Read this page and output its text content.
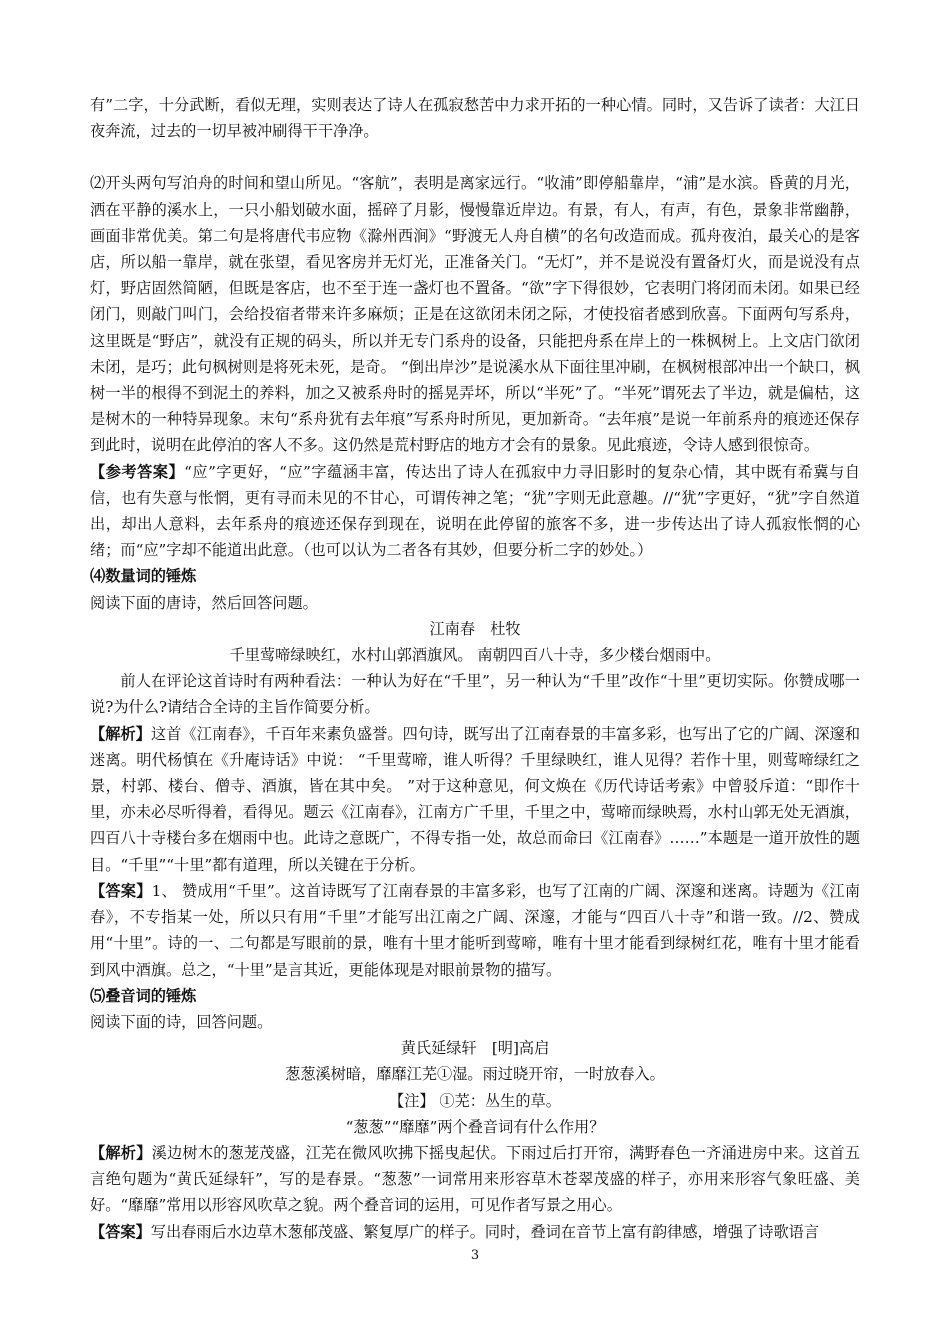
有”二字，十分武断，看似无理，实则表达了诗人在孤寂愁苦中力求开拓的一种心情。同时，又告诉了读者：大江日夜奔流，过去的一切早被冲刷得干干净净。

⑵开头两句写泊舟的时间和望山所见。“客航”，表明是离家远行。“收浦”即停船靠岸，“浦”是水滨。昏黄的月光，洒在平静的溪水上，一只小船划破水面，摇碎了月影，慢慢靠近岸边。有景，有人，有声，有色，景象非常幽静，画面非常优美。第二句是将唐代韦应物《滁州西涧》“野渡无人舟自横”的名句改造而成。孤舟夜泊，最关心的是客店，所以船一靠岸，就在张望，看见客房并无灯光，正准备关门。“无灯”，并不是说没有置备灯火，而是说没有点灯，野店固然简陋，但既是客店，也不至于连一盏灯也不置备。“欲”字下得很妙，它表明门将闭而未闭。如果已经闭门，则敲门叫门，会给投宿者带来许多麻烦；正是在这欲闭未闭之际，才使投宿者感到欣喜。下面两句写系舟，这里既是“野店”，就没有正规的码头，所以并无专门系舟的设备，只能把舟系在岸上的一株枫树上。上文店门欲闭未闭，是巧；此句枫树则是将死未死，是奇。 “倒出岸沙”是说溪水从下面往里冲刷，在枫树根部冲出一个缺口，枫树一半的根得不到泥土的养料，加之又被系舟时的摇晃弄坏，所以“半死”了。“半死”谓死去了半边，就是偏枯，这是树木的一种特异现象。末句“系舟犹有去年痕”写系舟时所见，更加新奇。“去年痕”是说一年前系舟的痕迹还保存到此时，说明在此停泊的客人不多。这仍然是荒村野店的地方才会有的景象。见此痕迹，令诗人感到很惊奇。

【参考答案】“应”字更好，“应”字蕴涵丰富，传达出了诗人在孤寂中力寻旧影时的复杂心情，其中既有希冀与自信，也有失意与怅惘，更有寻而未见的不甘心，可谓传神之笔；“犹”字则无此意趣。//“犹”字更好，“犹”字自然道出，却出人意料，去年系舟的痕迹还保存到现在，说明在此停留的旅客不多，进一步传达出了诗人孤寂怅惘的心绪；而“应”字却不能道出此意。（也可以认为二者各有其妙，但要分析二字的妙处。）

⑷数量词的锤炼

阅读下面的唐诗，然后回答问题。

江南春　杜牧

千里莺啼绿映红，水村山郭酒旗风。 南朝四百八十寺，多少楼台烟雨中。

前人在评论这首诗时有两种看法：一种认为好在“千里”，另一种认为“千里”改作“十里”更切实际。你赞成哪一说?为什么?请结合全诗的主旨作简要分析。

【解析】这首《江南春》，千百年来素负盛誉。四句诗，既写出了江南春景的丰富多彩，也写出了它的广阔、深邃和迷离。明代杨慎在《升庵诗话》中说： “千里莺啼，谁人听得？千里绿映红，谁人见得？若作十里，则莺啼绿红之景，村郭、楼台、僧寺、酒旗，皆在其中矣。 ”对于这种意见，何文焕在《历代诗话考索》中曾驳斥道：“即作十里，亦未必尽听得着，看得见。题云《江南春》，江南方广千里，千里之中，莺啼而绿映焉，水村山郭无处无酒旗，四百八十寺楼台多在烟雨中也。此诗之意既广，不得专指一处，故总而命曰《江南春》……”本题是一道开放性的题目。“千里”“十里”都有道理，所以关键在于分析。

【答案】1、 赞成用“千里”。这首诗既写了江南春景的丰富多彩，也写了江南的广阔、深邃和迷离。诗题为《江南春》，不专指某一处，所以只有用“千里”才能写出江南之广阔、深邃，才能与“四百八十寺”和谐一致。//2、赞成用“十里”。诗的一、二句都是写眼前的景，唯有十里才能听到莺啼，唯有十里才能看到绿树红花，唯有十里才能看到风中酒旗。总之，“十里”是言其近，更能体现是对眼前景物的描写。

⑸叠音词的锤炼

阅读下面的诗，回答问题。

黄氏延绿轩　[明]高启

葱葱溪树暗，靡靡江芜①湿。雨过晓开帘，一时放春入。

【注】 ①芜：丛生的草。

“葱葱”“靡靡”两个叠音词有什么作用？

【解析】溪边树木的葱茏茂盛，江芜在微风吹拂下摇曳起伏。下雨过后打开帘，满野春色一齐涌进房中来。这首五言绝句题为“黄氏延绿轩”，写的是春景。“葱葱”一词常用来形容草木苍翠茂盛的样子，亦用来形容气象旺盛、美好。“靡靡”常用以形容风吹草之貌。两个叠音词的运用，可见作者写景之用心。

【答案】写出春雨后水边草木葱郁茂盛、繁复厚广的样子。同时，叠词在音节上富有韵律感，增强了诗歌语言

3
